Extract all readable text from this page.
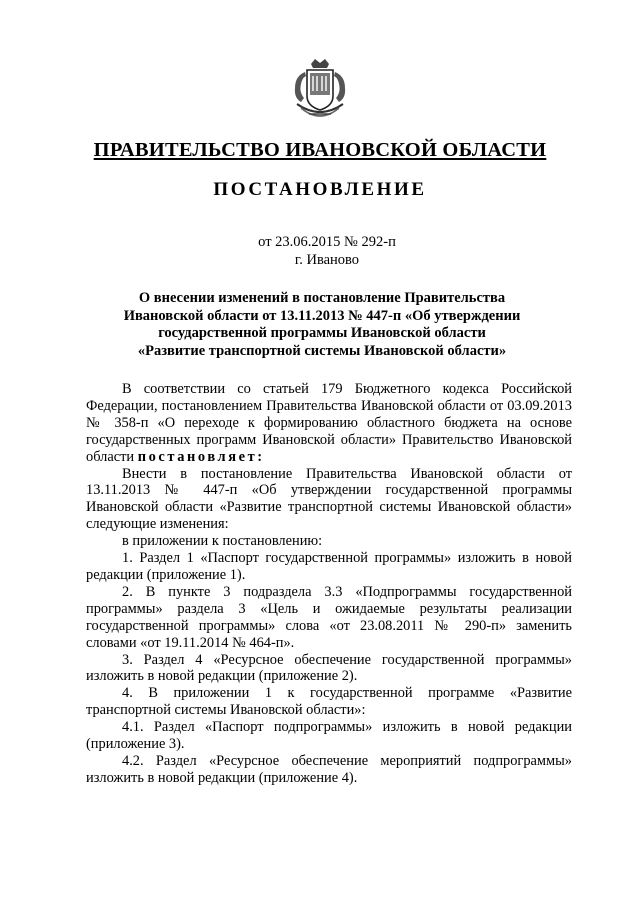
ПРАВИТЕЛЬСТВО ИВАНОВСКОЙ ОБЛАСТИ
ПОСТАНОВЛЕНИЕ
от 23.06.2015 № 292-п
г. Иваново
О внесении изменений в постановление Правительства
Ивановской области от 13.11.2013 № 447-п «Об утверждении
государственной программы Ивановской области
«Развитие транспортной системы Ивановской области»

В соответствии со статьей 179 Бюджетного кодекса Российской Федерации, постановлением Правительства Ивановской области от 03.09.2013 № 358-п «О переходе к формированию областного бюджета на основе государственных программ Ивановской области» Правительство Ивановской области постановляет:

Внести в постановление Правительства Ивановской области от 13.11.2013 № 447-п «Об утверждении государственной программы Ивановской области «Развитие транспортной системы Ивановской области» следующие изменения:

в приложении к постановлению:

1. Раздел 1 «Паспорт государственной программы» изложить в новой редакции (приложение 1).

2. В пункте 3 подраздела 3.3 «Подпрограммы государственной программы» раздела 3 «Цель и ожидаемые результаты реализации государственной программы» слова «от 23.08.2011 № 290-п» заменить словами «от 19.11.2014 № 464-п».

3. Раздел 4 «Ресурсное обеспечение государственной программы» изложить в новой редакции (приложение 2).

4. В приложении 1 к государственной программе «Развитие транспортной системы Ивановской области»:

4.1. Раздел «Паспорт подпрограммы» изложить в новой редакции (приложение 3).

4.2. Раздел «Ресурсное обеспечение мероприятий подпрограммы» изложить в новой редакции (приложение 4).
